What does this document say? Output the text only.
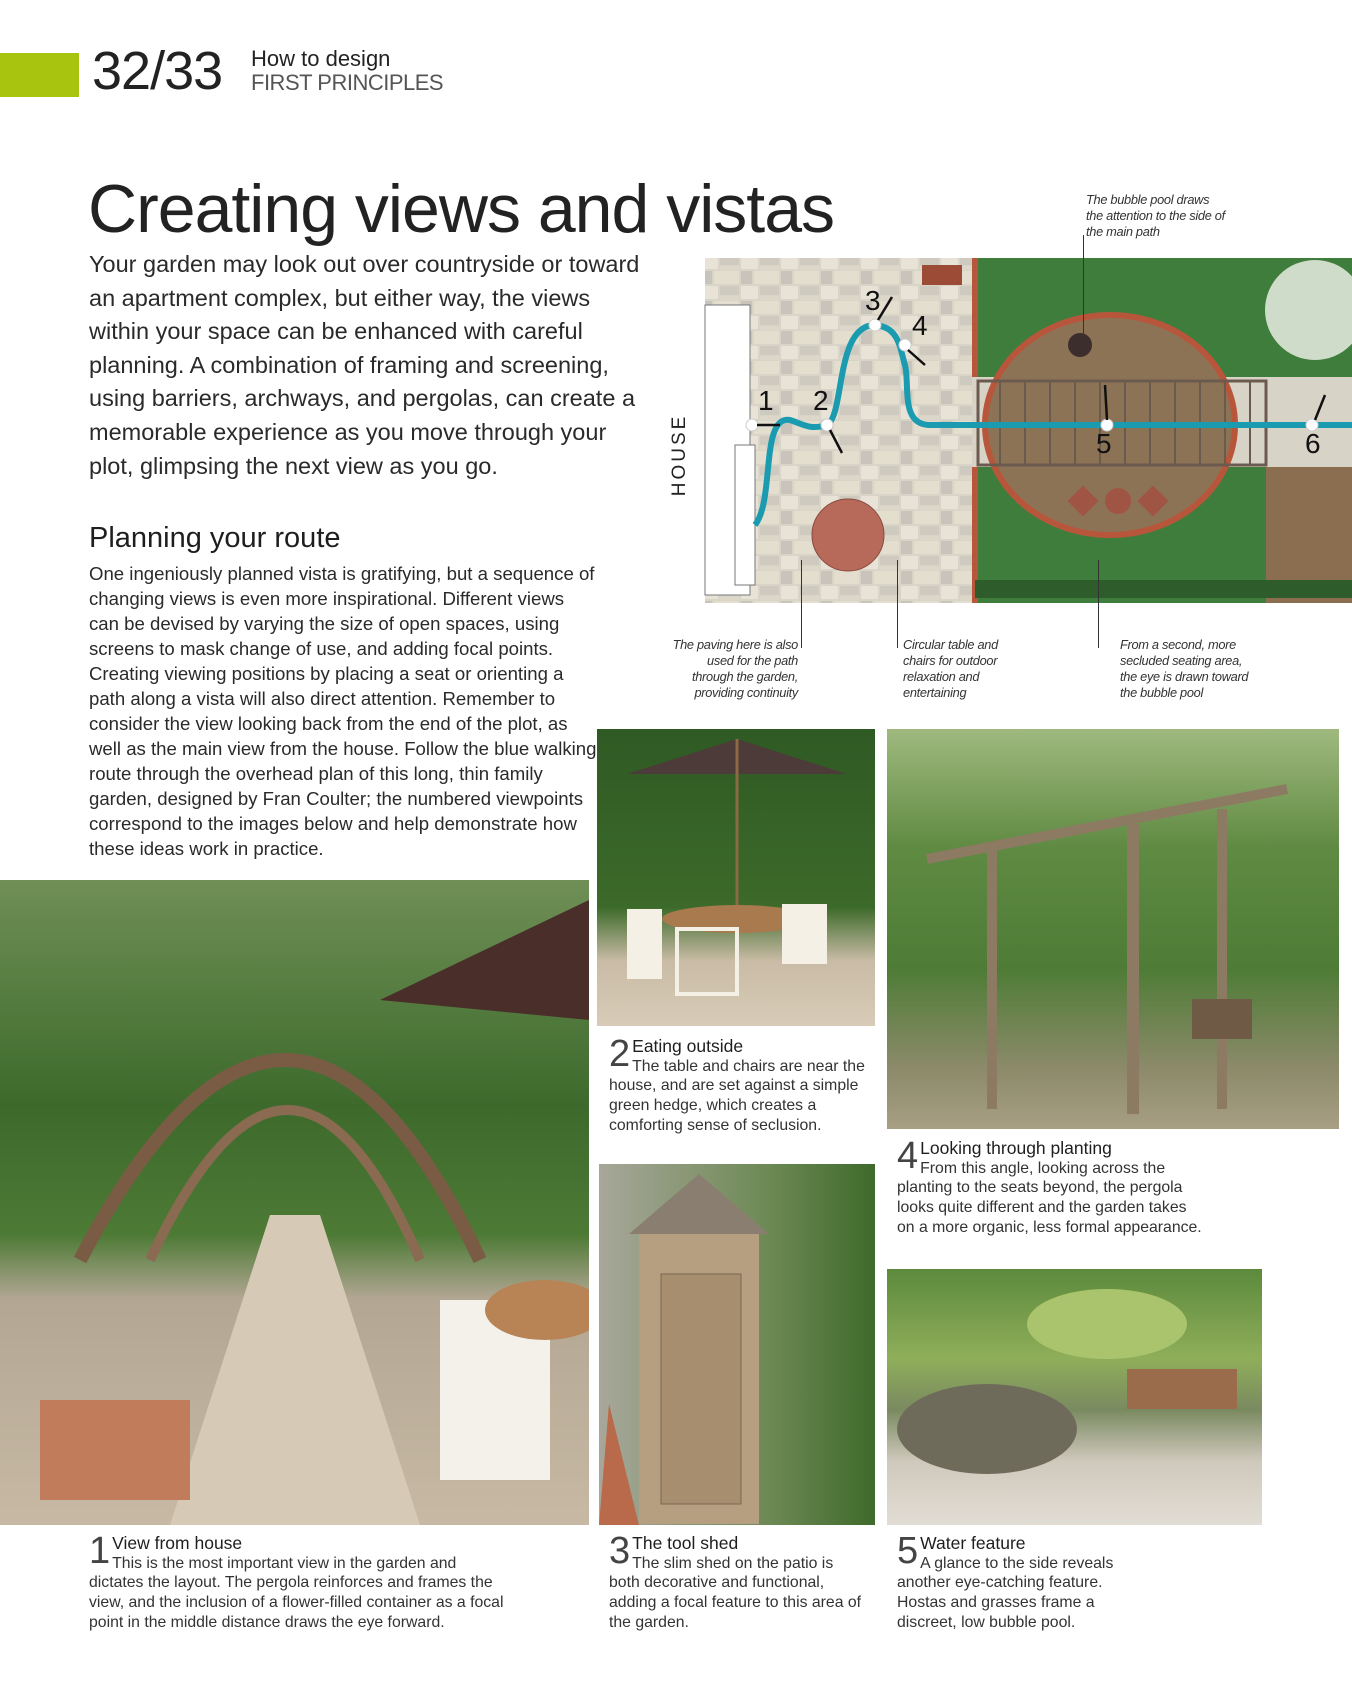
32/33 How to design
FIRST PRINCIPLES
Creating views and vistas

Your garden may look out over countryside or toward an apartment complex, but either way, the views within your space can be enhanced with careful planning. A combination of framing and screening, using barriers, archways, and pergolas, can create a memorable experience as you move through your plot, glimpsing the next view as you go.

Planning your route

One ingeniously planned vista is gratifying, but a sequence of changing views is even more inspirational. Different views can be devised by varying the size of open spaces, using screens to mask change of use, and adding focal points. Creating viewing positions by placing a seat or orienting a path along a vista will also direct attention. Remember to consider the view looking back from the end of the plot, as well as the main view from the house. Follow the blue walking route through the overhead plan of this long, thin family garden, designed by Fran Coulter; the numbered viewpoints correspond to the images below and help demonstrate how these ideas work in practice.

HOUSE
1 2
3
4
5	6
The bubble pool draws the attention to the side of the main path
The paving here is also used for the path through the garden, providing continuity
Circular table and chairs for outdoor relaxation and entertaining
From a second, more secluded seating area, the eye is drawn toward the bubble pool
1 View from house
This is the most important view in the garden and dictates the layout. The pergola reinforces and frames the view, and the inclusion of a flower-filled container as a focal point in the middle distance draws the eye forward.
2 Eating outside
The table and chairs are near the house, and are set against a simple green hedge, which creates a comforting sense of seclusion.
3 The tool shed
The slim shed on the patio is both decorative and functional, adding a focal feature to this area of the garden.
4 Looking through planting
From this angle, looking across the planting to the seats beyond, the pergola looks quite different and the garden takes on a more organic, less formal appearance.
5 Water feature
A glance to the side reveals another eye-catching feature. Hostas and grasses frame a discreet, low bubble pool.
